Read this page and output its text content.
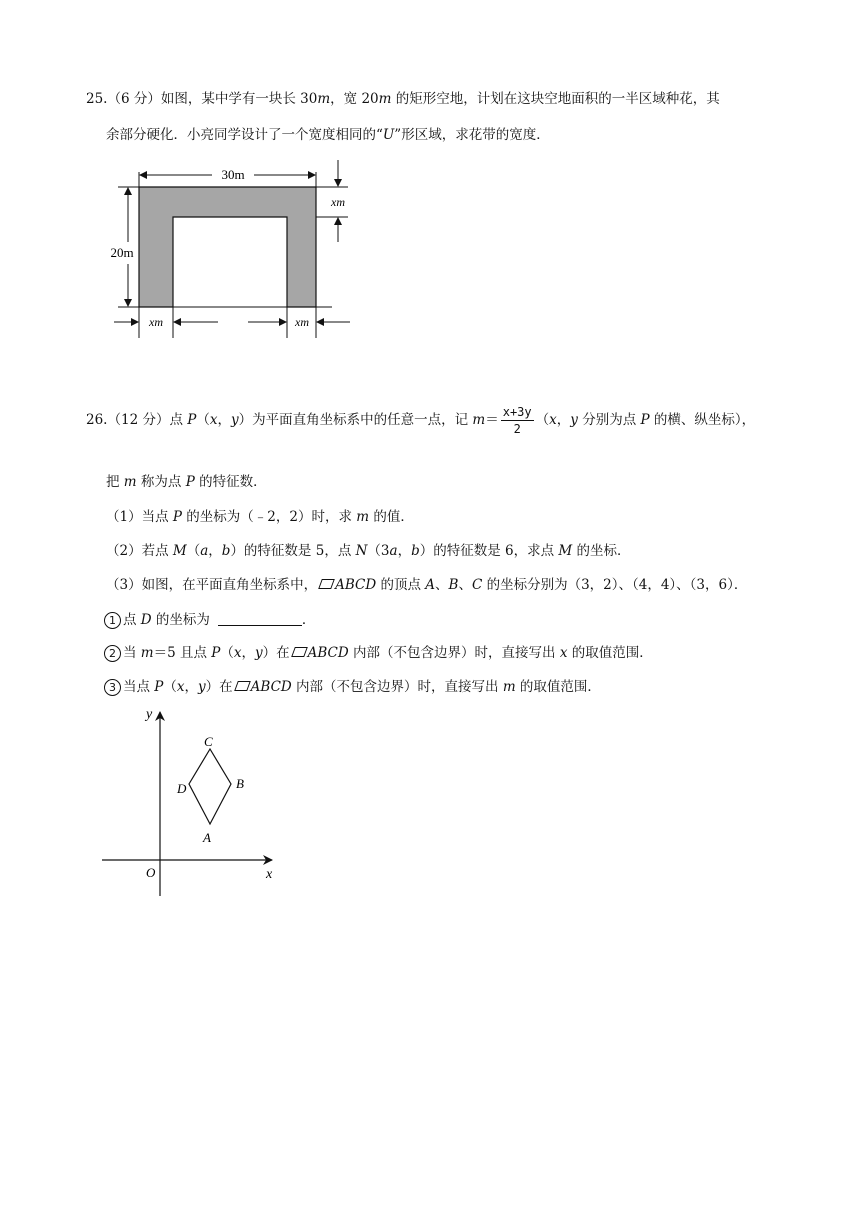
25.（6 分）如图，某中学有一块长 30m，宽 20m 的矩形空地，计划在这块空地面积的一半区域种花，其
余部分硬化．小亮同学设计了一个宽度相同的“U”形区域，求花带的宽度．
30m
20m
xm
xm	xm
26.（12 分）点 P（x，y）为平面直角坐标系中的任意一点，记 $m= \frac{x+3y}{2} (x$，y 分别为点 P 的横、纵坐标），
把 m 称为点 P 的特征数．
（1）当点 P 的坐标为（﹣2，2）时，求 m 的值．
（2）若点 M（a，b）的特征数是 5，点 N（3a，b）的特征数是 6，求点 M 的坐标．
（3）如图，在平面直角坐标系中， ABCD 的顶点 A、B、C 的坐标分别为（3，2）、（4，4）、（3，6）．
1 点 D 的坐标为	．
2 当 m＝5 且点 P（x，y）在 ABCD 内部（不包含边界）时，直接写出 x 的取值范围．
3 当点 P（x，y）在 ABCD 内部（不包含边界）时，直接写出 m 的取值范围．
x
y
O
A
B
C
D
